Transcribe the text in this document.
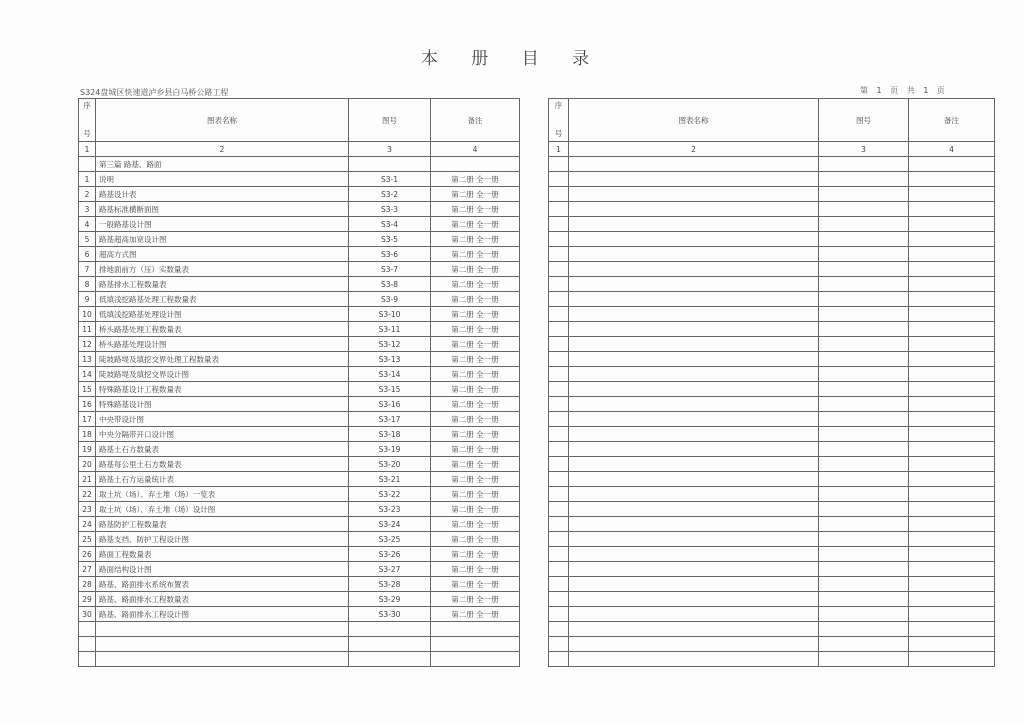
本 册 目 录
S324盘城区快速道泸乡县白马桥公路工程	第 1 页 共 1 页
序

号	图表名称	图号	备注
1	2	3	4
	第三篇 路基、路面		
1	说明	S3-1	第二册 全一册
2	路基设计表	S3-2	第二册 全一册
3	路基标准横断面图	S3-3	第二册 全一册
4	一般路基设计图	S3-4	第二册 全一册
5	路基超高加宽设计图	S3-5	第二册 全一册
6	超高方式图	S3-6	第二册 全一册
7	排地面前方（压）实数量表	S3-7	第二册 全一册
8	路基排水工程数量表	S3-8	第二册 全一册
9	低填浅挖路基处理工程数量表	S3-9	第二册 全一册
10	低填浅挖路基处理设计图	S3-10	第二册 全一册
11	桥头路基处理工程数量表	S3-11	第二册 全一册
12	桥头路基处理设计图	S3-12	第二册 全一册
13	陡坡路堤及填挖交界处理工程数量表	S3-13	第二册 全一册
14	陡坡路堤及填挖交界设计图	S3-14	第二册 全一册
15	特殊路基设计工程数量表	S3-15	第二册 全一册
16	特殊路基设计图	S3-16	第二册 全一册
17	中央带设计图	S3-17	第二册 全一册
18	中央分隔带开口设计图	S3-18	第二册 全一册
19	路基土石方数量表	S3-19	第二册 全一册
20	路基每公里土石方数量表	S3-20	第二册 全一册
21	路基土石方运量统计表	S3-21	第二册 全一册
22	取土坑（场）、弃土堆（场）一览表	S3-22	第二册 全一册
23	取土坑（场）、弃土堆（场）设计图	S3-23	第二册 全一册
24	路基防护工程数量表	S3-24	第二册 全一册
25	路基支挡、防护工程设计图	S3-25	第二册 全一册
26	路面工程数量表	S3-26	第二册 全一册
27	路面结构设计图	S3-27	第二册 全一册
28	路基、路面排水系统布置表	S3-28	第二册 全一册
29	路基、路面排水工程数量表	S3-29	第二册 全一册
30	路基、路面排水工程设计图	S3-30	第二册 全一册

序

号	图表名称	图号	备注
1	2	3	4
